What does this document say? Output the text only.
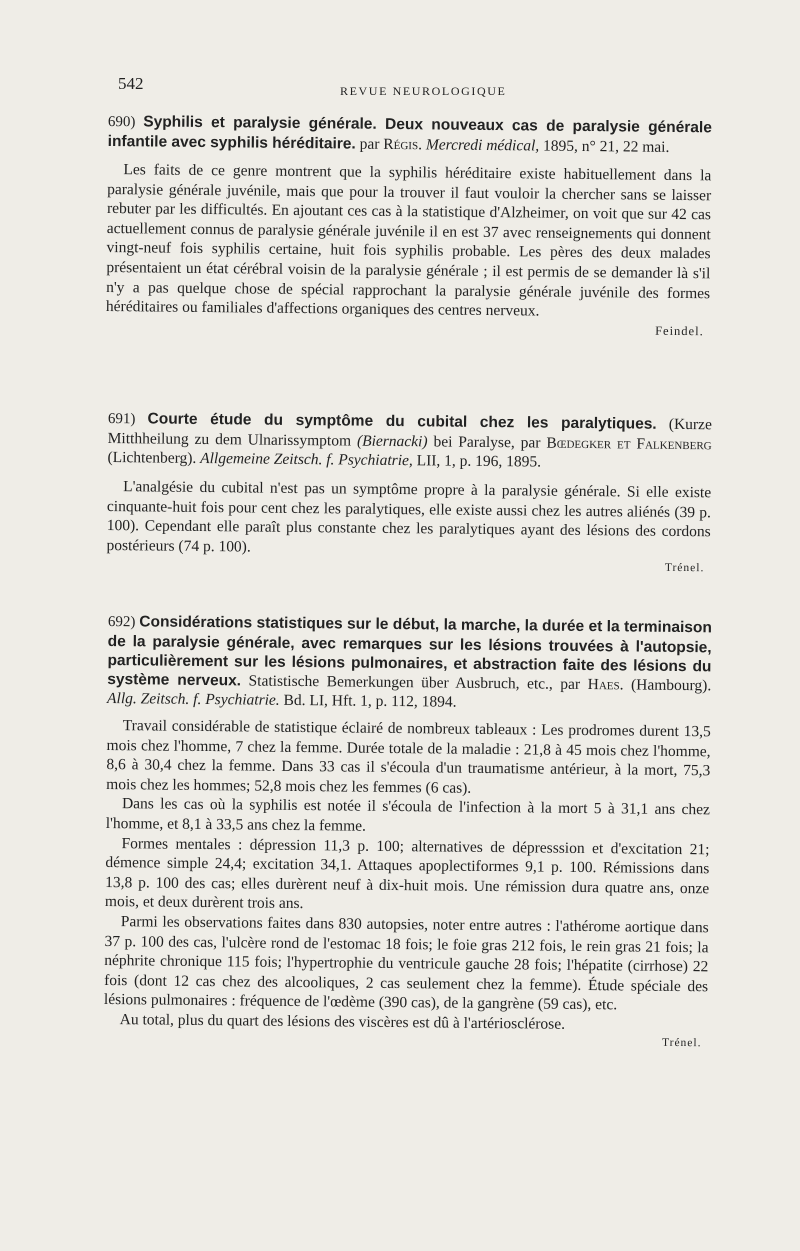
542	REVUE NEUROLOGIQUE

690) Syphilis et paralysie générale. Deux nouveaux cas de paralysie générale infantile avec syphilis héréditaire. par Régis. Mercredi médical, 1895, n° 21, 22 mai.

Les faits de ce genre montrent que la syphilis héréditaire existe habituellement dans la paralysie générale juvénile, mais que pour la trouver il faut vouloir la chercher sans se laisser rebuter par les difficultés. En ajoutant ces cas à la statistique d'Alzheimer, on voit que sur 42 cas actuellement connus de paralysie générale juvénile il en est 37 avec renseignements qui donnent vingt-neuf fois syphilis certaine, huit fois syphilis probable. Les pères des deux malades présentaient un état cérébral voisin de la paralysie générale ; il est permis de se demander là s'il n'y a pas quelque chose de spécial rapprochant la paralysie générale juvénile des formes héréditaires ou familiales d'affections organiques des centres nerveux.

Feindel.

691) Courte étude du symptôme du cubital chez les paralytiques. (Kurze Mitthheilung zu dem Ulnarissymptom (Biernacki) bei Paralyse, par Bœdegker et Falkenberg (Lichtenberg). Allgemeine Zeitsch. f. Psychiatrie, LII, 1, p. 196, 1895.

L'analgésie du cubital n'est pas un symptôme propre à la paralysie générale. Si elle existe cinquante-huit fois pour cent chez les paralytiques, elle existe aussi chez les autres aliénés (39 p. 100). Cependant elle paraît plus constante chez les paralytiques ayant des lésions des cordons postérieurs (74 p. 100).

Trénel.

692) Considérations statistiques sur le début, la marche, la durée et la terminaison de la paralysie générale, avec remarques sur les lésions trouvées à l'autopsie, particulièrement sur les lésions pulmonaires, et abstraction faite des lésions du système nerveux. Statistische Bemerkungen über Ausbruch, etc., par Haes. (Hambourg). Allg. Zeitsch. f. Psychiatrie. Bd. LI, Hft. 1, p. 112, 1894.

Travail considérable de statistique éclairé de nombreux tableaux : Les prodromes durent 13,5 mois chez l'homme, 7 chez la femme. Durée totale de la maladie : 21,8 à 45 mois chez l'homme, 8,6 à 30,4 chez la femme. Dans 33 cas il s'écoula d'un traumatisme antérieur, à la mort, 75,3 mois chez les hommes; 52,8 mois chez les femmes (6 cas).

Dans les cas où la syphilis est notée il s'écoula de l'infection à la mort 5 à 31,1 ans chez l'homme, et 8,1 à 33,5 ans chez la femme.

Formes mentales : dépression 11,3 p. 100; alternatives de dépresssion et d'excitation 21; démence simple 24,4; excitation 34,1. Attaques apoplectiformes 9,1 p. 100. Rémissions dans 13,8 p. 100 des cas; elles durèrent neuf à dix-huit mois. Une rémission dura quatre ans, onze mois, et deux durèrent trois ans.

Parmi les observations faites dans 830 autopsies, noter entre autres : l'athérome aortique dans 37 p. 100 des cas, l'ulcère rond de l'estomac 18 fois; le foie gras 212 fois, le rein gras 21 fois; la néphrite chronique 115 fois; l'hypertrophie du ventricule gauche 28 fois; l'hépatite (cirrhose) 22 fois (dont 12 cas chez des alcooliques, 2 cas seulement chez la femme). Étude spéciale des lésions pulmonaires : fréquence de l'œdème (390 cas), de la gangrène (59 cas), etc.

Au total, plus du quart des lésions des viscères est dû à l'artériosclérose.

Trénel.
